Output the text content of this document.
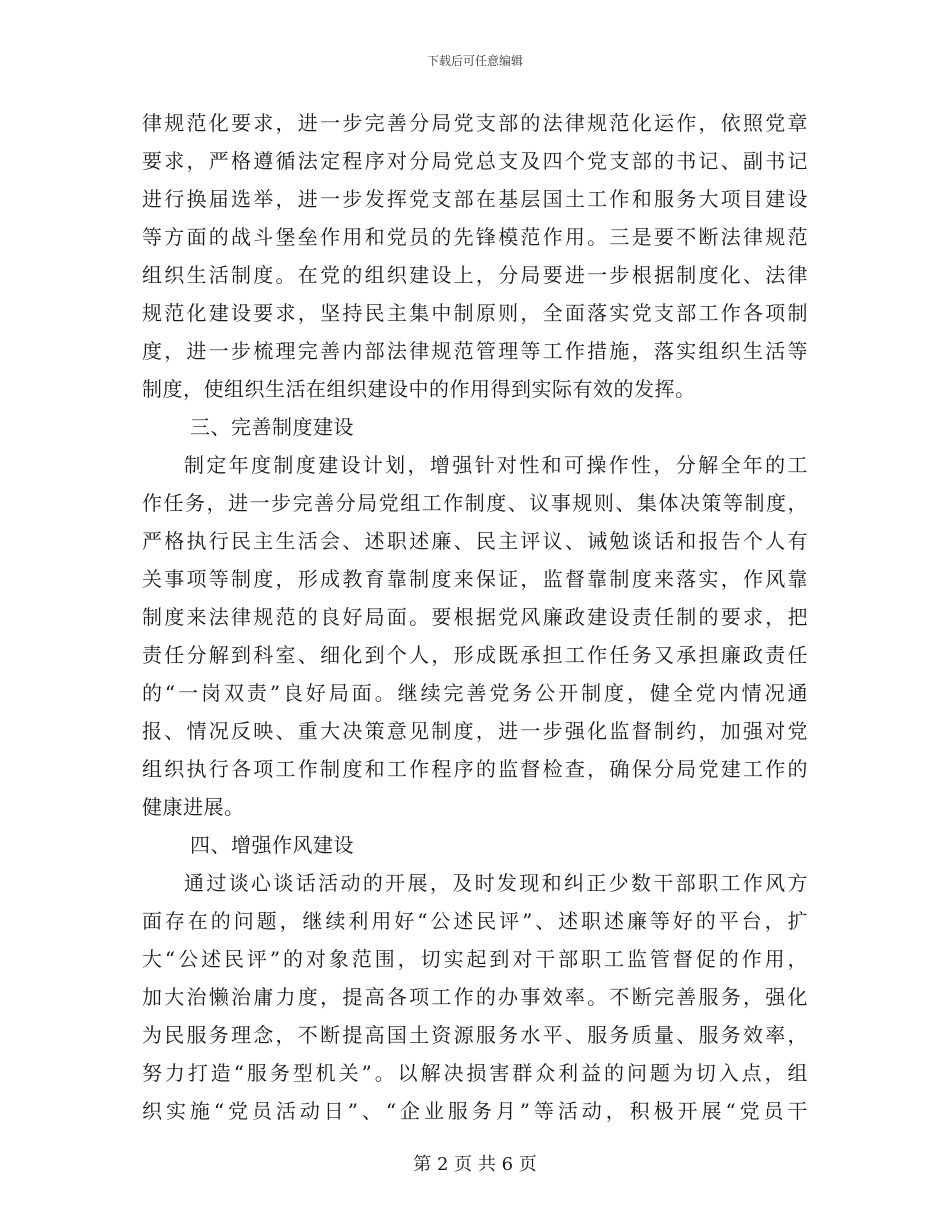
下载后可任意编辑
律规范化要求，进一步完善分局党支部的法律规范化运作，依照党章
要求，严格遵循法定程序对分局党总支及四个党支部的书记、副书记
进行换届选举，进一步发挥党支部在基层国土工作和服务大项目建设
等方面的战斗堡垒作用和党员的先锋模范作用。三是要不断法律规范
组织生活制度。在党的组织建设上，分局要进一步根据制度化、法律
规范化建设要求，坚持民主集中制原则，全面落实党支部工作各项制
度，进一步梳理完善内部法律规范管理等工作措施，落实组织生活等
制度，使组织生活在组织建设中的作用得到实际有效的发挥。
三、完善制度建设
制定年度制度建设计划，增强针对性和可操作性，分解全年的工
作任务，进一步完善分局党组工作制度、议事规则、集体决策等制度，
严格执行民主生活会、述职述廉、民主评议、诫勉谈话和报告个人有
关事项等制度，形成教育靠制度来保证，监督靠制度来落实，作风靠
制度来法律规范的良好局面。要根据党风廉政建设责任制的要求，把
责任分解到科室、细化到个人，形成既承担工作任务又承担廉政责任
的“一岗双责”良好局面。继续完善党务公开制度，健全党内情况通
报、情况反映、重大决策意见制度，进一步强化监督制约，加强对党
组织执行各项工作制度和工作程序的监督检查，确保分局党建工作的
健康进展。
四、增强作风建设
通过谈心谈话活动的开展，及时发现和纠正少数干部职工作风方
面存在的问题，继续利用好“公述民评”、述职述廉等好的平台，扩
大“公述民评”的对象范围，切实起到对干部职工监管督促的作用，
加大治懒治庸力度，提高各项工作的办事效率。不断完善服务，强化
为民服务理念，不断提高国土资源服务水平、服务质量、服务效率，
努力打造“服务型机关”。以解决损害群众利益的问题为切入点，组
织实施“党员活动日”、“企业服务月”等活动，积极开展“党员干
第 2 页 共 6 页
